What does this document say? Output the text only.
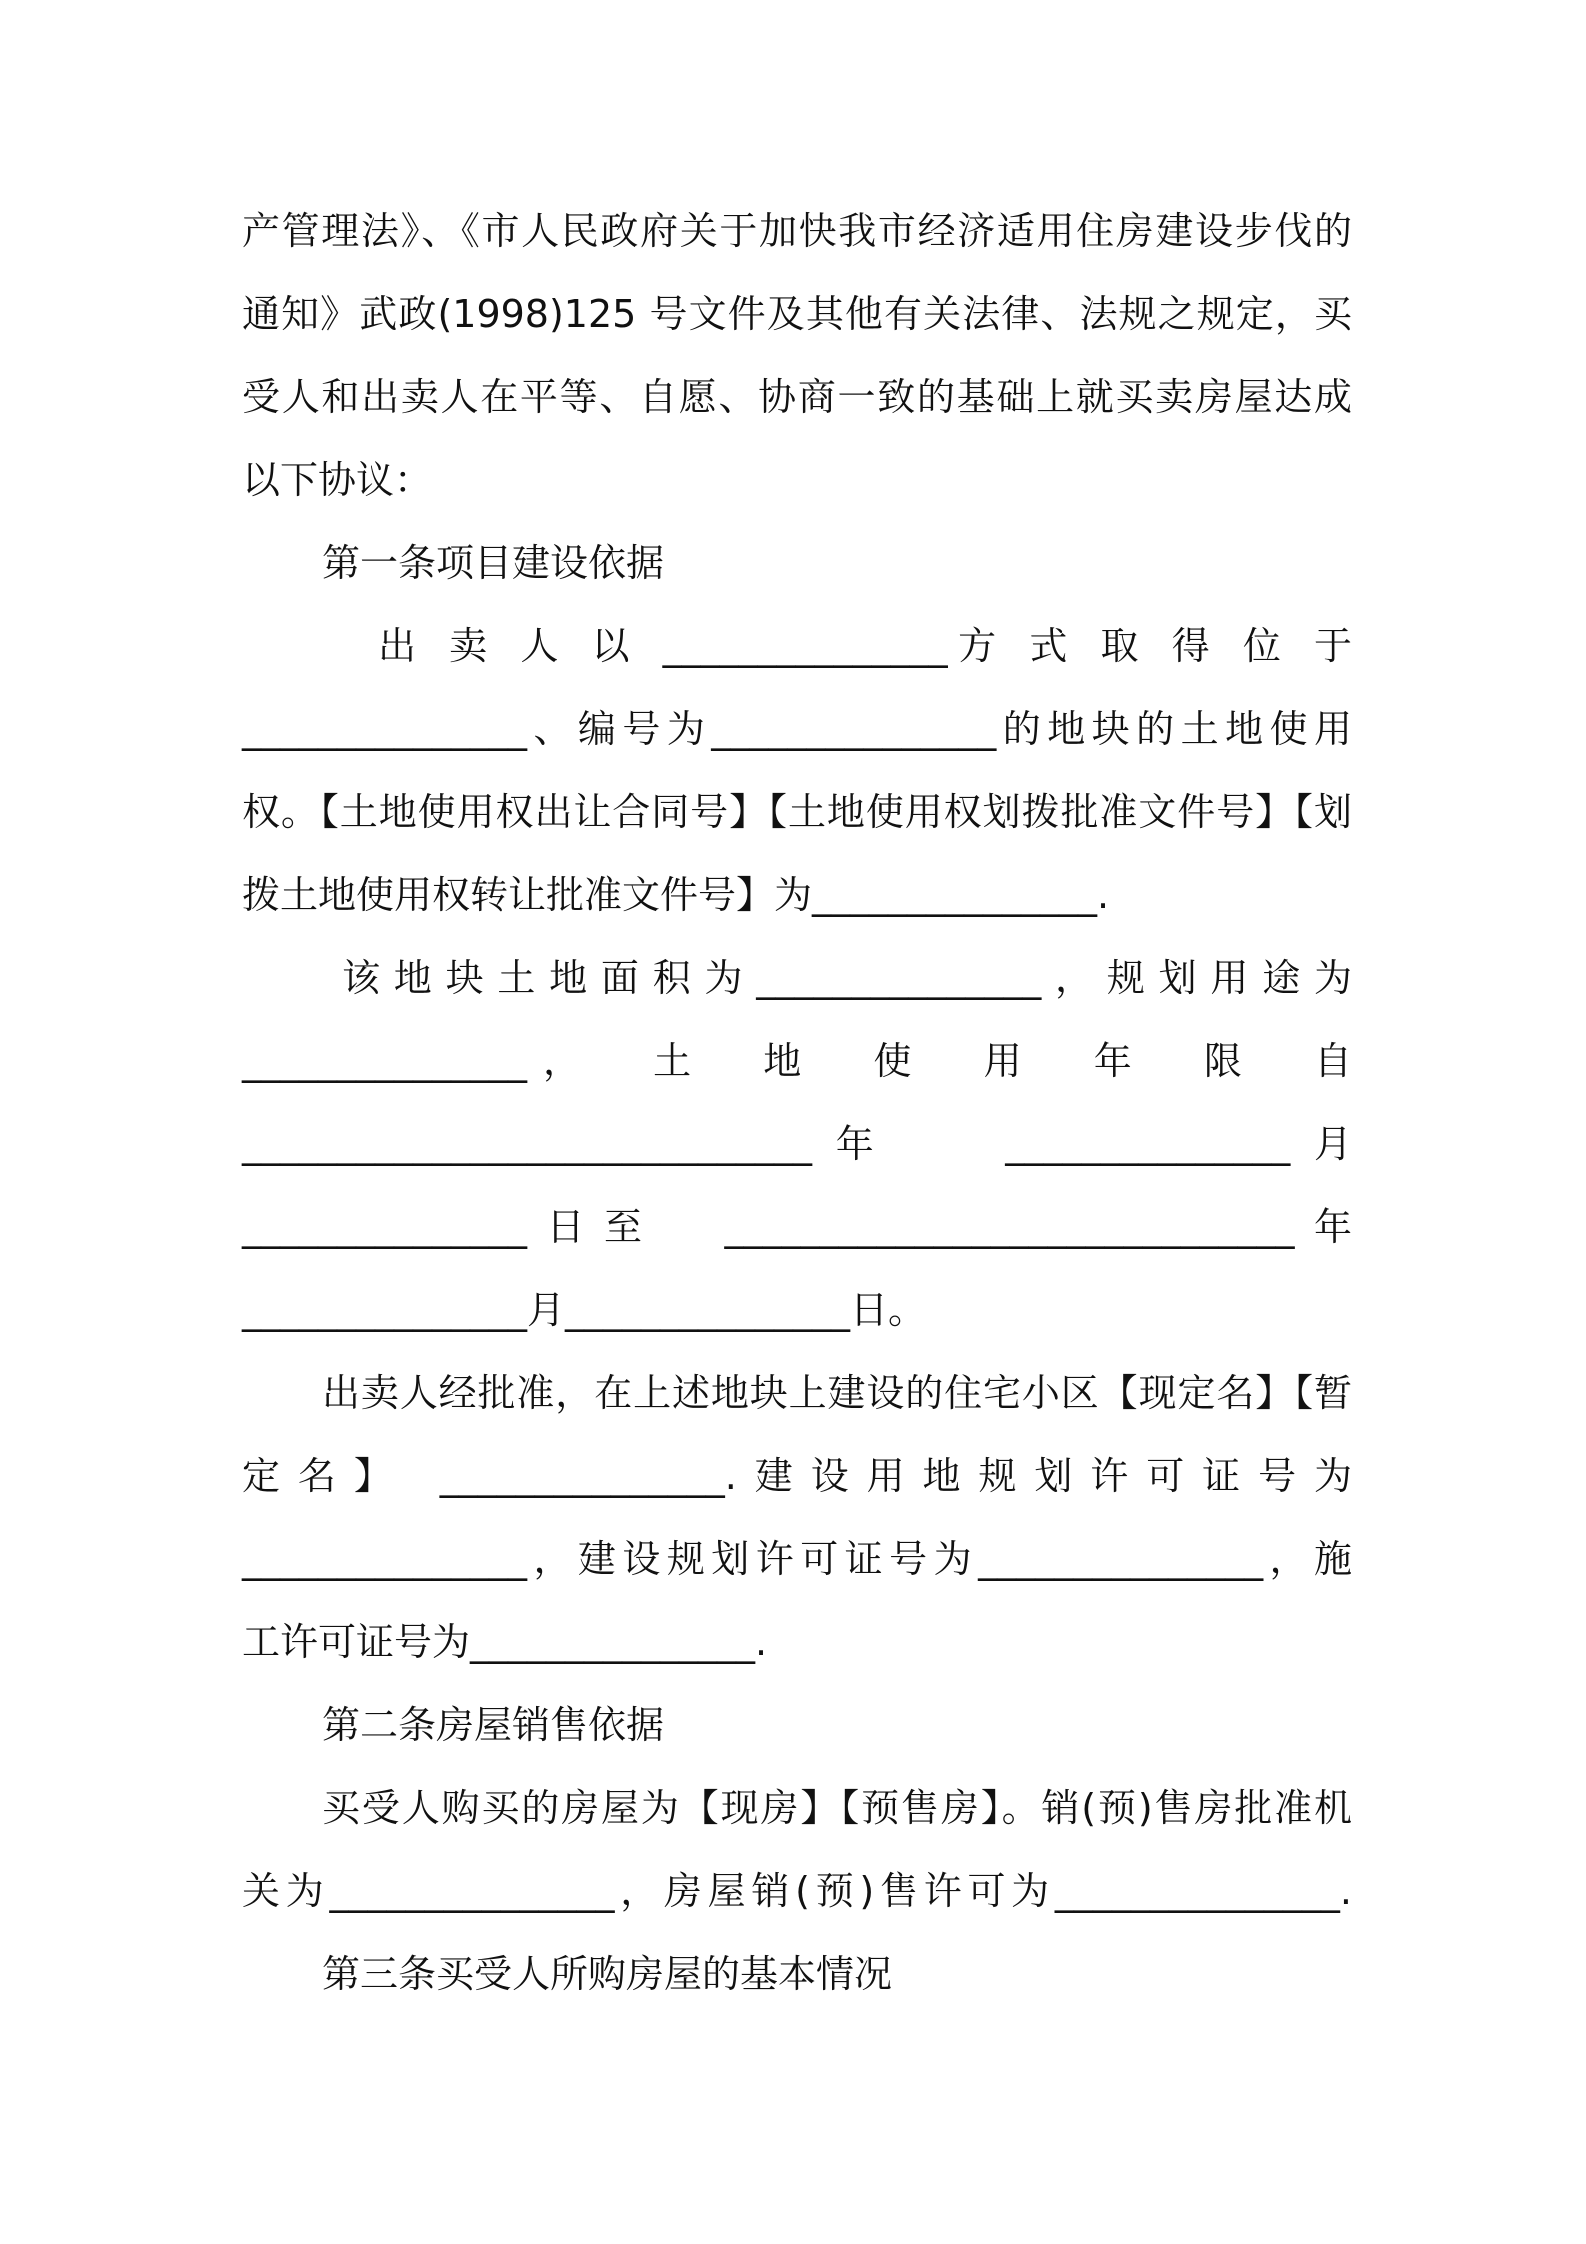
产管理法》、《市人民政府关于加快我市经济适用住房建设步伐的
通知》武政(1998)125 号文件及其他有关法律、法规之规定，买
受人和出卖人在平等、自愿、协商一致的基础上就买卖房屋达成
以下协议：
第一条项目建设依据
出 卖 人 以 _______________方 式 取 得 位 于
_______________、编号为_______________的地块的土地使用
权。【土地使用权出让合同号】【土地使用权划拨批准文件号】【划
拨土地使用权转让批准文件号】为_______________.
该地块土地面积为_______________，规划用途为
_______________，  土  地  使  用  年  限  自
______________________________年   _______________月
_______________日至  ______________________________年
_______________月_______________日。
出卖人经批准，在上述地块上建设的住宅小区【现定名】【暂
定名】 _______________.建设用地规划许可证号为
_______________，建设规划许可证号为_______________，施
工许可证号为_______________.
第二条房屋销售依据
买受人购买的房屋为【现房】【预售房】。销(预)售房批准机
关为_______________，房屋销(预)售许可为_______________.
第三条买受人所购房屋的基本情况
